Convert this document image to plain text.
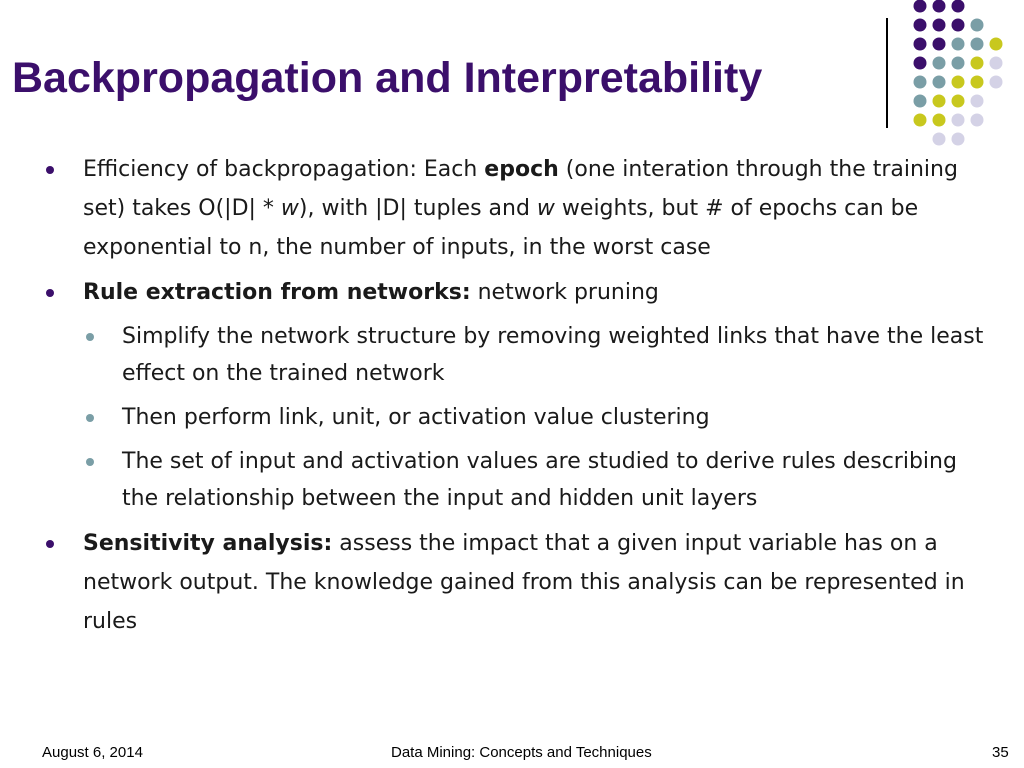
Backpropagation and Interpretability
Efficiency of backpropagation: Each epoch (one interation through the training set) takes O(|D| * w), with |D| tuples and w weights, but # of epochs can be exponential to n, the number of inputs, in the worst case
Rule extraction from networks: network pruning
Simplify the network structure by removing weighted links that have the least effect on the trained network
Then perform link, unit, or activation value clustering
The set of input and activation values are studied to derive rules describing the relationship between the input and hidden unit layers
Sensitivity analysis: assess the impact that a given input variable has on a network output. The knowledge gained from this analysis can be represented in rules
August 6, 2014	Data Mining: Concepts and Techniques	35
